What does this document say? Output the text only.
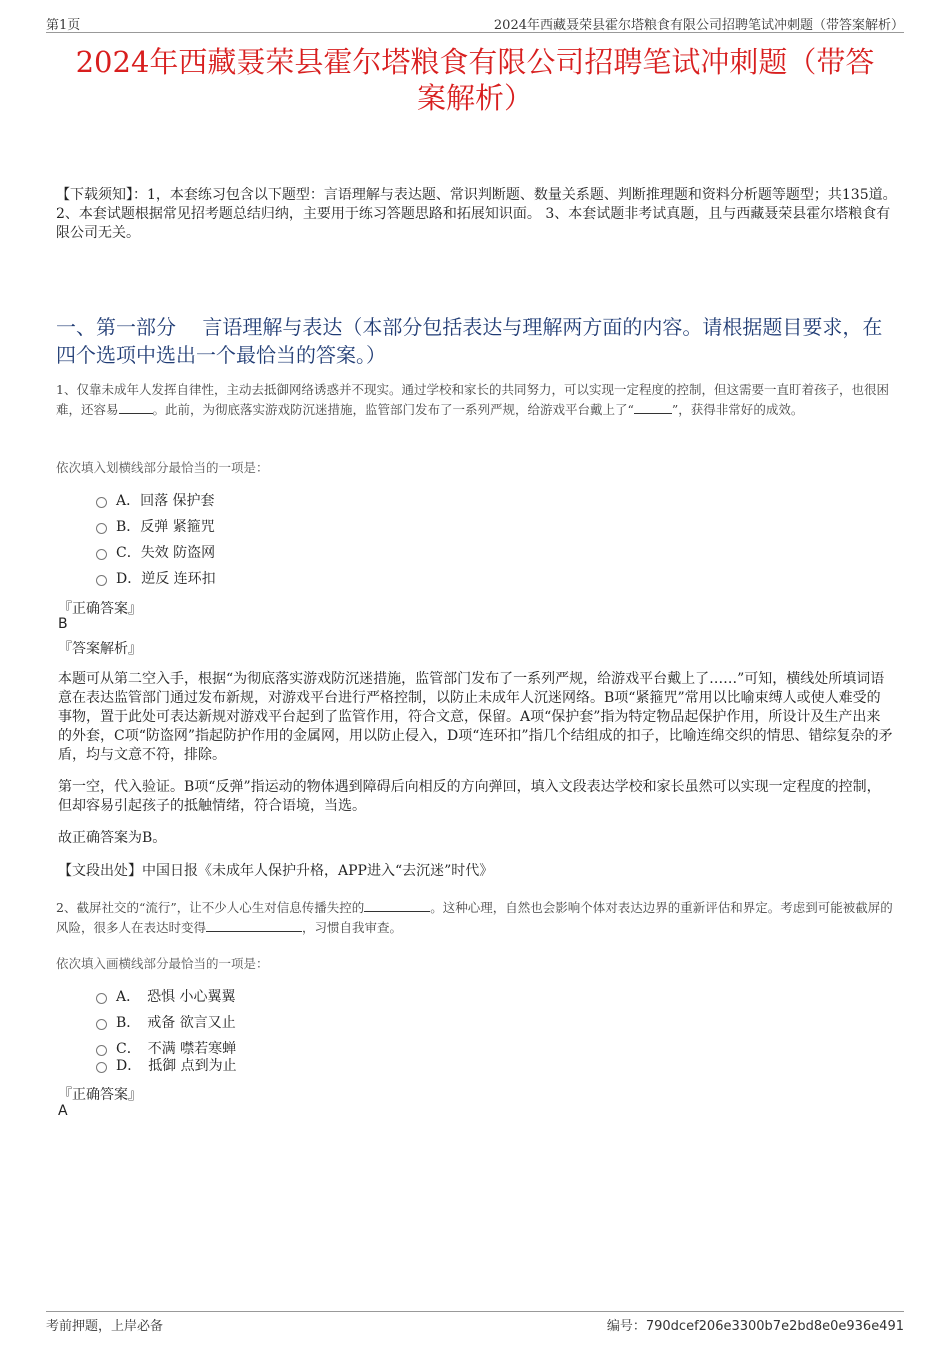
第1页	2024年西藏聂荣县霍尔塔粮食有限公司招聘笔试冲刺题（带答案解析）
2024年西藏聂荣县霍尔塔粮食有限公司招聘笔试冲刺题（带答
案解析）
【下载须知】：1，本套练习包含以下题型：言语理解与表达题、常识判断题、数量关系题、判断推理题和资料分析题等题型；共135道。 2、本套试题根据常见招考题总结归纳，主要用于练习答题思路和拓展知识面。 3、本套试题非考试真题，且与西藏聂荣县霍尔塔粮食有限公司无关。
一、第一部分　 言语理解与表达（本部分包括表达与理解两方面的内容。请根据题目要求，在四个选项中选出一个最恰当的答案。）
1、仅靠未成年人发挥自律性，主动去抵御网络诱惑并不现实。通过学校和家长的共同努力，可以实现一定程度的控制，但这需要一直盯着孩子，也很困难，还容易	。此前，为彻底落实游戏防沉迷措施，监管部门发布了一系列严规，给游戏平台戴上了“	”，获得非常好的成效。
依次填入划横线部分最恰当的一项是：
A．回落 保护套
B．反弹 紧箍咒
C．失效 防盗网
D．逆反 连环扣
『正确答案』
B
『答案解析』
本题可从第二空入手，根据“为彻底落实游戏防沉迷措施，监管部门发布了一系列严规，给游戏平台戴上了……”可知，横线处所填词语意在表达监管部门通过发布新规，对游戏平台进行严格控制，以防止未成年人沉迷网络。B项“紧箍咒”常用以比喻束缚人或使人难受的事物，置于此处可表达新规对游戏平台起到了监管作用，符合文意，保留。A项“保护套”指为特定物品起保护作用，所设计及生产出来的外套，C项“防盗网”指起防护作用的金属网，用以防止侵入，D项“连环扣”指几个结组成的扣子，比喻连绵交织的情思、错综复杂的矛盾，均与文意不符，排除。
第一空，代入验证。B项“反弹”指运动的物体遇到障碍后向相反的方向弹回，填入文段表达学校和家长虽然可以实现一定程度的控制，但却容易引起孩子的抵触情绪，符合语境，当选。
故正确答案为B。
【文段出处】中国日报《未成年人保护升格，APP进入“去沉迷”时代》
2、截屏社交的“流行”，让不少人心生对信息传播失控的	。这种心理，自然也会影响个体对表达边界的重新评估和界定。考虑到可能被截屏的风险，很多人在表达时变得	，习惯自我审查。
依次填入画横线部分最恰当的一项是：
A．　恐惧 小心翼翼
B．　戒备 欲言又止
C．　不满 噤若寒蝉
D．　抵御 点到为止
『正确答案』
A
考前押题，上岸必备	编号：790dcef206e3300b7e2bd8e0e936e491
